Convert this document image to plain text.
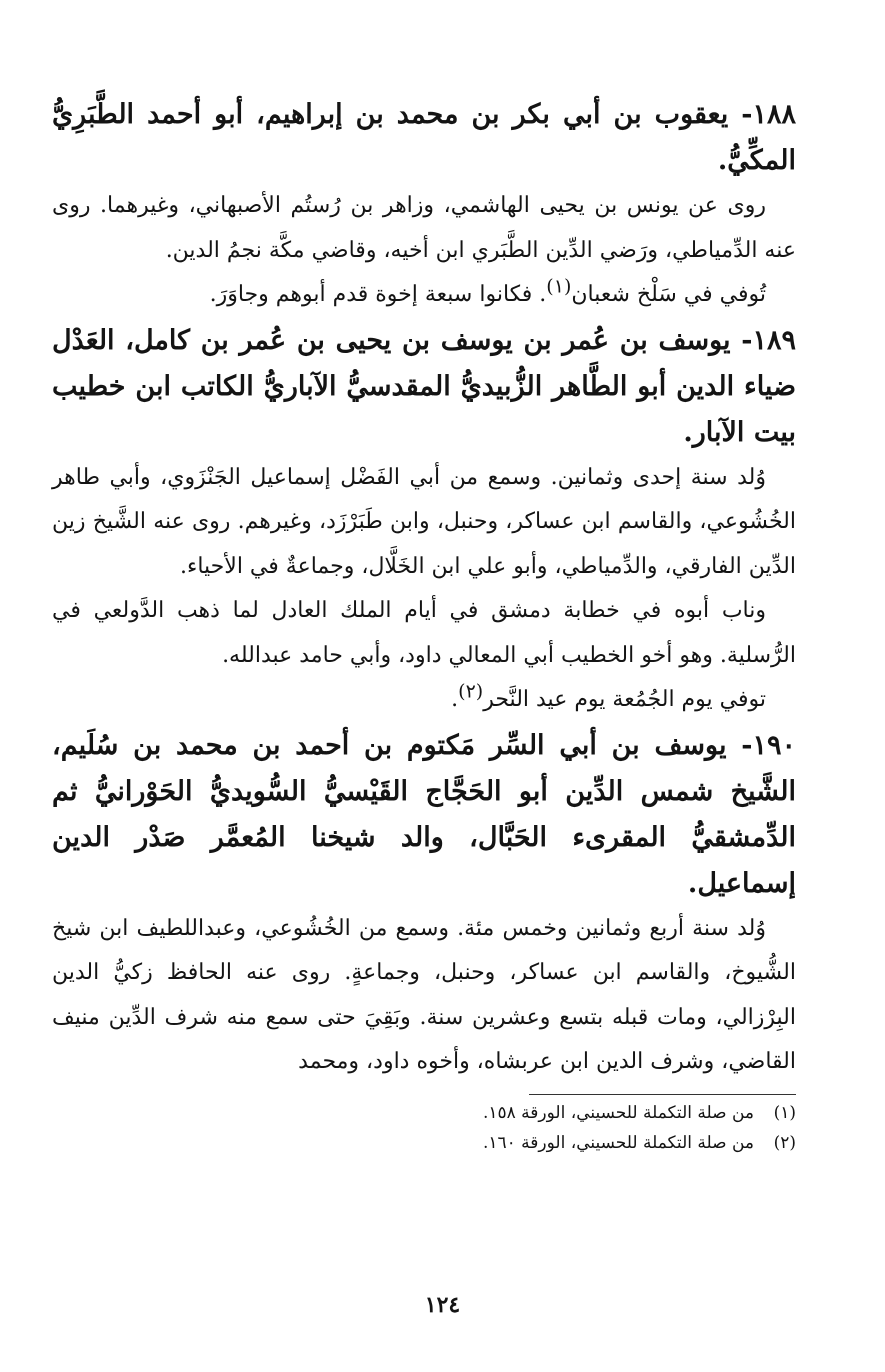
١٨٨- يعقوب بن أبي بكر بن محمد بن إبراهيم، أبو أحمد الطَّبَرِيُّ المكِّيُّ.

روى عن يونس بن يحيى الهاشمي، وزاهر بن رُستُم الأصبهاني، وغيرهما. روى عنه الدِّمياطي، ورَضي الدِّين الطَّبَري ابن أخيه، وقاضي مكَّة نجمُ الدين.

تُوفي في سَلْخ شعبان(١). فكانوا سبعة إخوة قدم أبوهم وجاوَرَ.

١٨٩- يوسف بن عُمر بن يوسف بن يحيى بن عُمر بن كامل، العَدْل ضياء الدين أبو الطَّاهر الزُّبيديُّ المقدسيُّ الآباريُّ الكاتب ابن خطيب بيت الآبار.

وُلد سنة إحدى وثمانين. وسمع من أبي الفَضْل إسماعيل الجَنْزَوي، وأبي طاهر الخُشُوعي، والقاسم ابن عساكر، وحنبل، وابن طَبَرْزَد، وغيرهم. روى عنه الشَّيخ زين الدِّين الفارقي، والدِّمياطي، وأبو علي ابن الخَلَّال، وجماعةٌ في الأحياء.

وناب أبوه في خطابة دمشق في أيام الملك العادل لما ذهب الدَّولعي في الرُّسلية. وهو أخو الخطيب أبي المعالي داود، وأبي حامد عبدالله.

توفي يوم الجُمُعة يوم عيد النَّحر(٢).

١٩٠- يوسف بن أبي السِّر مَكتوم بن أحمد بن محمد بن سُلَيم، الشَّيخ شمس الدِّين أبو الحَجَّاج القَيْسيُّ السُّويديُّ الحَوْرانيُّ ثم الدِّمشقيُّ المقرىء الحَبَّال، والد شيخنا المُعمَّر صَدْر الدين إسماعيل.

وُلد سنة أربع وثمانين وخمس مئة. وسمع من الخُشُوعي، وعبداللطيف ابن شيخ الشُّيوخ، والقاسم ابن عساكر، وحنبل، وجماعةٍ. روى عنه الحافظ زكيُّ الدين البِرْزالي، ومات قبله بتسع وعشرين سنة. وبَقِيَ حتى سمع منه شرف الدِّين منيف القاضي، وشرف الدين ابن عربشاه، وأخوه داود، ومحمد

(١)من صلة التكملة للحسيني، الورقة ١٥٨.

(٢)من صلة التكملة للحسيني، الورقة ١٦٠.

١٢٤
